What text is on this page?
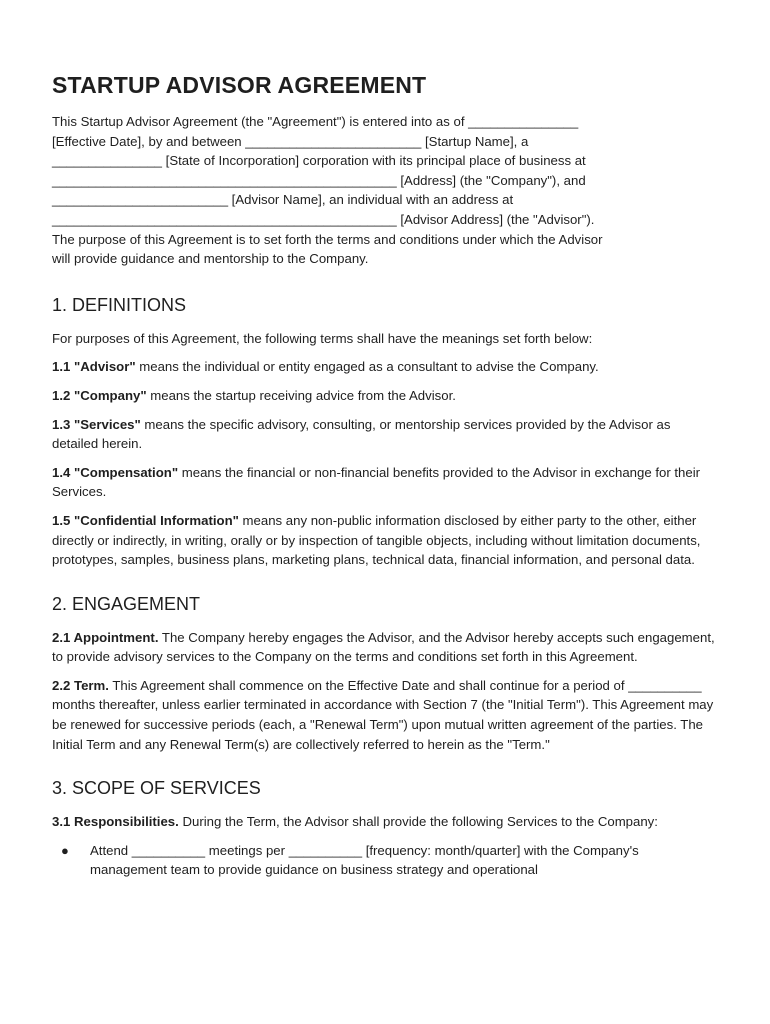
STARTUP ADVISOR AGREEMENT

This Startup Advisor Agreement (the "Agreement") is entered into as of _______________
[Effective Date], by and between ________________________ [Startup Name], a
_______________ [State of Incorporation] corporation with its principal place of business at
_______________________________________________ [Address] (the "Company"), and
________________________ [Advisor Name], an individual with an address at
_______________________________________________ [Advisor Address] (the "Advisor").
The purpose of this Agreement is to set forth the terms and conditions under which the Advisor
will provide guidance and mentorship to the Company.

1. DEFINITIONS

For purposes of this Agreement, the following terms shall have the meanings set forth below:

1.1 "Advisor" means the individual or entity engaged as a consultant to advise the Company.

1.2 "Company" means the startup receiving advice from the Advisor.

1.3 "Services" means the specific advisory, consulting, or mentorship services provided by the Advisor as detailed herein.

1.4 "Compensation" means the financial or non-financial benefits provided to the Advisor in exchange for their Services.

1.5 "Confidential Information" means any non-public information disclosed by either party to the other, either directly or indirectly, in writing, orally or by inspection of tangible objects, including without limitation documents, prototypes, samples, business plans, marketing plans, technical data, financial information, and personal data.

2. ENGAGEMENT

2.1 Appointment. The Company hereby engages the Advisor, and the Advisor hereby accepts such engagement, to provide advisory services to the Company on the terms and conditions set forth in this Agreement.

2.2 Term. This Agreement shall commence on the Effective Date and shall continue for a period of __________ months thereafter, unless earlier terminated in accordance with Section 7 (the "Initial Term"). This Agreement may be renewed for successive periods (each, a "Renewal Term") upon mutual written agreement of the parties. The Initial Term and any Renewal Term(s) are collectively referred to herein as the "Term."

3. SCOPE OF SERVICES

3.1 Responsibilities. During the Term, the Advisor shall provide the following Services to the Company:

● Attend __________ meetings per __________ [frequency: month/quarter] with the Company's management team to provide guidance on business strategy and operational
